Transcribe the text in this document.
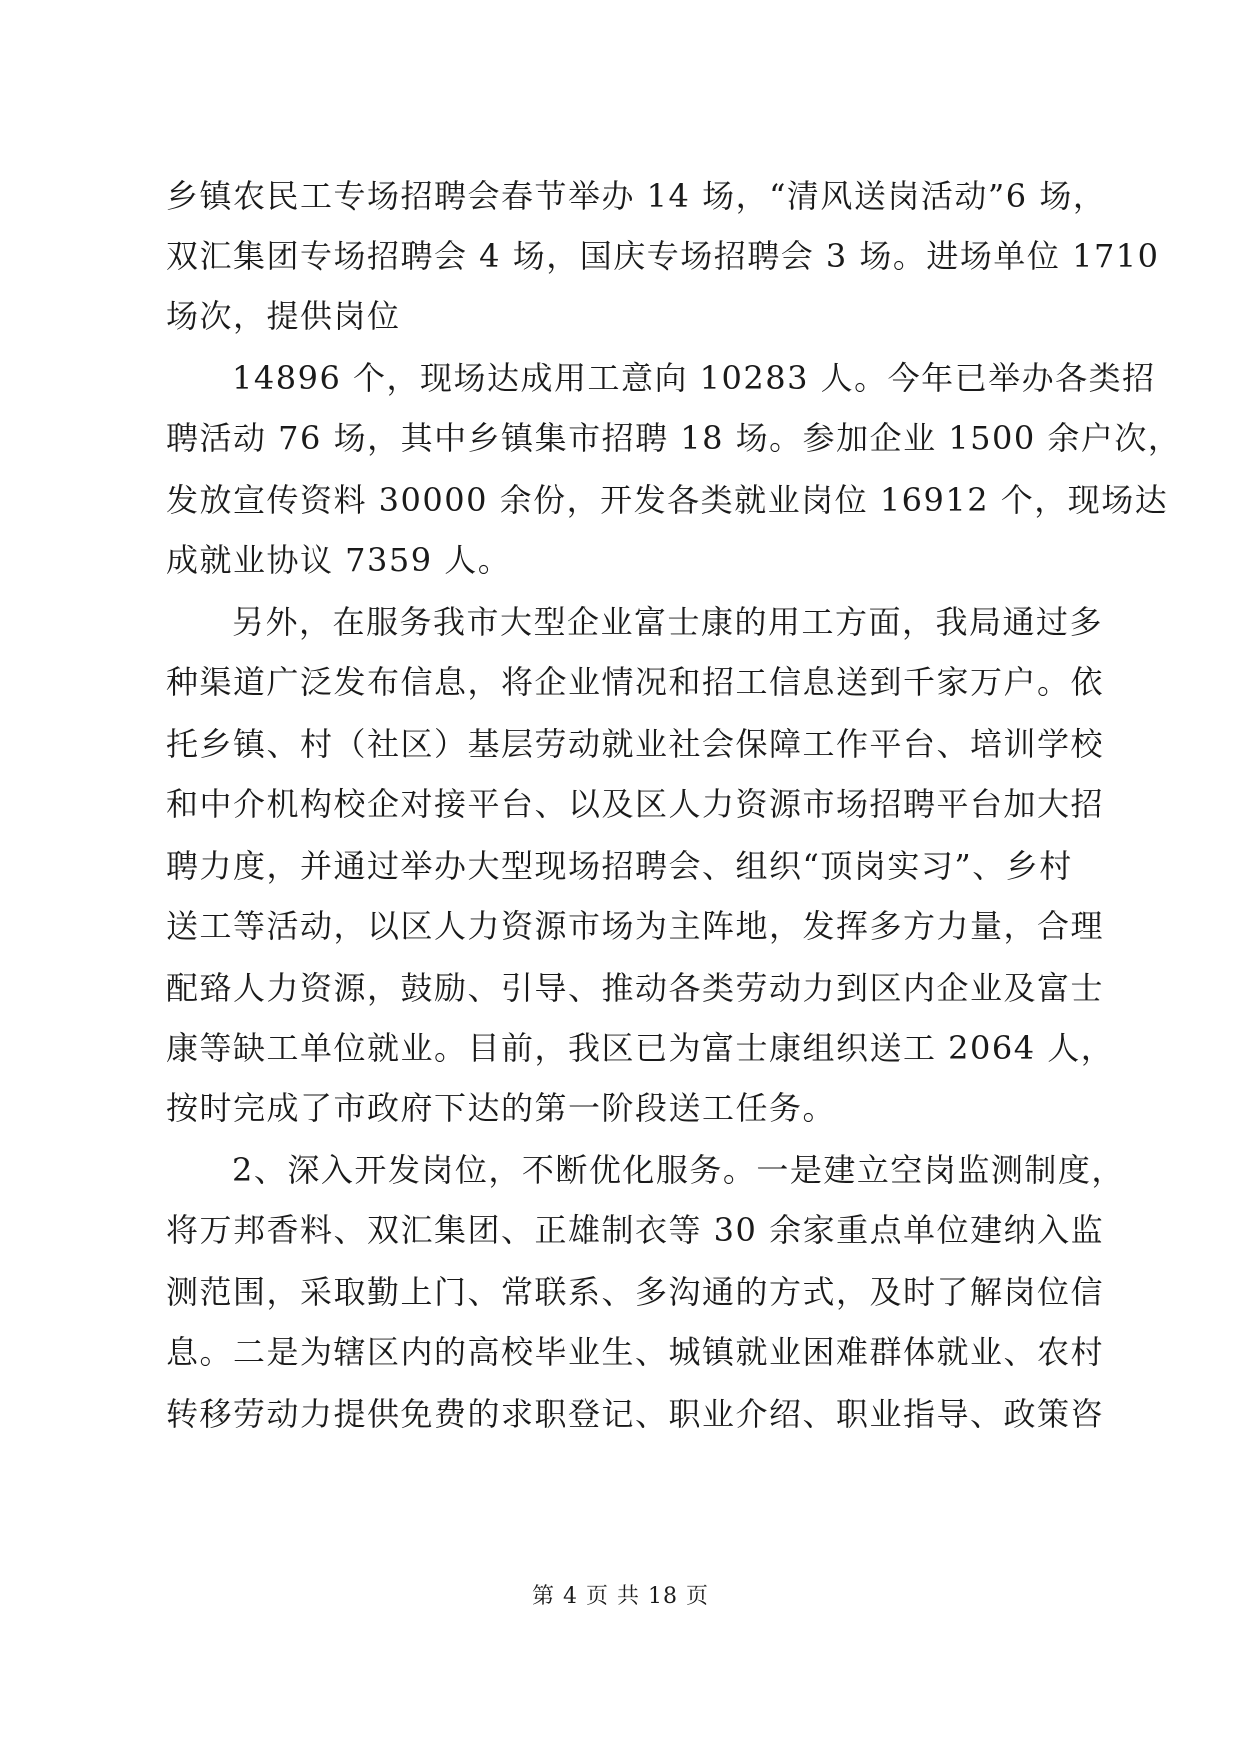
乡镇农民工专场招聘会春节举办 14 场，“清风送岗活动”6 场，
双汇集团专场招聘会 4 场，国庆专场招聘会 3 场。进场单位 1710
场次，提供岗位
14896 个，现场达成用工意向 10283 人。今年已举办各类招
聘活动 76 场，其中乡镇集市招聘 18 场。参加企业 1500 余户次，
发放宣传资料 30000 余份，开发各类就业岗位 16912 个，现场达
成就业协议 7359 人。
另外，在服务我市大型企业富士康的用工方面，我局通过多
种渠道广泛发布信息，将企业情况和招工信息送到千家万户。依
托乡镇、村（社区）基层劳动就业社会保障工作平台、培训学校
和中介机构校企对接平台、以及区人力资源市场招聘平台加大招
聘力度，并通过举办大型现场招聘会、组织“顶岗实习”、乡村
送工等活动，以区人力资源市场为主阵地，发挥多方力量，合理
配臵人力资源，鼓励、引导、推动各类劳动力到区内企业及富士
康等缺工单位就业。目前，我区已为富士康组织送工 2064 人，
按时完成了市政府下达的第一阶段送工任务。
2、深入开发岗位，不断优化服务。一是建立空岗监测制度，
将万邦香料、双汇集团、正雄制衣等 30 余家重点单位建纳入监
测范围，采取勤上门、常联系、多沟通的方式，及时了解岗位信
息。二是为辖区内的高校毕业生、城镇就业困难群体就业、农村
转移劳动力提供免费的求职登记、职业介绍、职业指导、政策咨
第 4 页 共 18 页
